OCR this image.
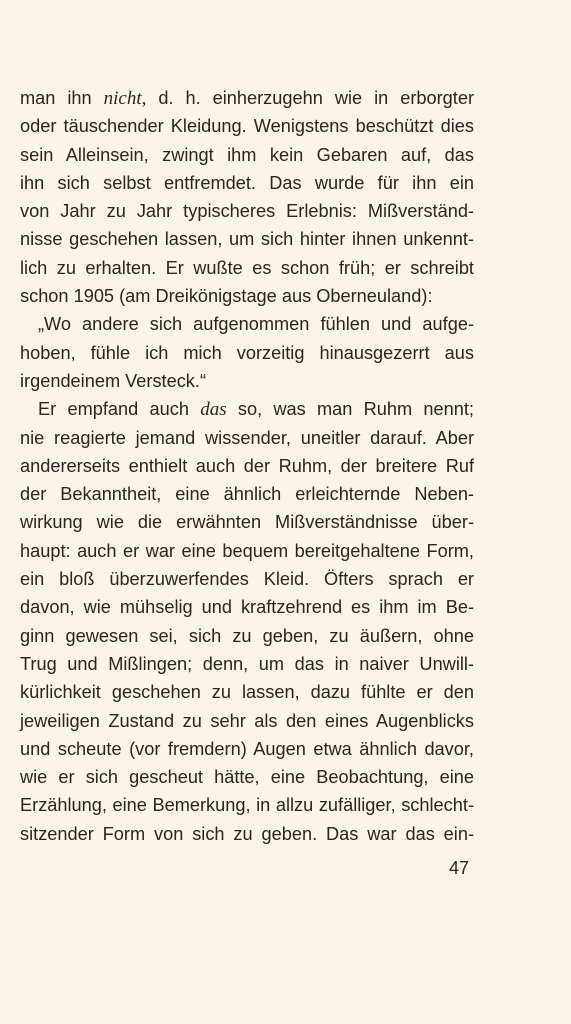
man ihn nicht, d. h. einherzugehn wie in erborgter
oder täuschender Kleidung. Wenigstens beschützt dies
sein Alleinsein, zwingt ihm kein Gebaren auf, das
ihn sich selbst entfremdet. Das wurde für ihn ein
von Jahr zu Jahr typischeres Erlebnis: Mißverständ-
nisse geschehen lassen, um sich hinter ihnen unkennt-
lich zu erhalten. Er wußte es schon früh; er schreibt
schon 1905 (am Dreikönigstage aus Oberneuland):
„Wo andere sich aufgenommen fühlen und aufge-
hoben, fühle ich mich vorzeitig hinausgezerrt aus
irgendeinem Versteck.“
Er empfand auch das so, was man Ruhm nennt;
nie reagierte jemand wissender, uneitler darauf. Aber
andererseits enthielt auch der Ruhm, der breitere Ruf
der Bekanntheit, eine ähnlich erleichternde Neben-
wirkung wie die erwähnten Mißverständnisse über-
haupt: auch er war eine bequem bereitgehaltene Form,
ein bloß überzuwerfendes Kleid. Öfters sprach er
davon, wie mühselig und kraftzehrend es ihm im Be-
ginn gewesen sei, sich zu geben, zu äußern, ohne
Trug und Mißlingen; denn, um das in naiver Unwill-
kürlichkeit geschehen zu lassen, dazu fühlte er den
jeweiligen Zustand zu sehr als den eines Augenblicks
und scheute (vor fremdern) Augen etwa ähnlich davor,
wie er sich gescheut hätte, eine Beobachtung, eine
Erzählung, eine Bemerkung, in allzu zufälliger, schlecht-
sitzender Form von sich zu geben. Das war das ein-
47
